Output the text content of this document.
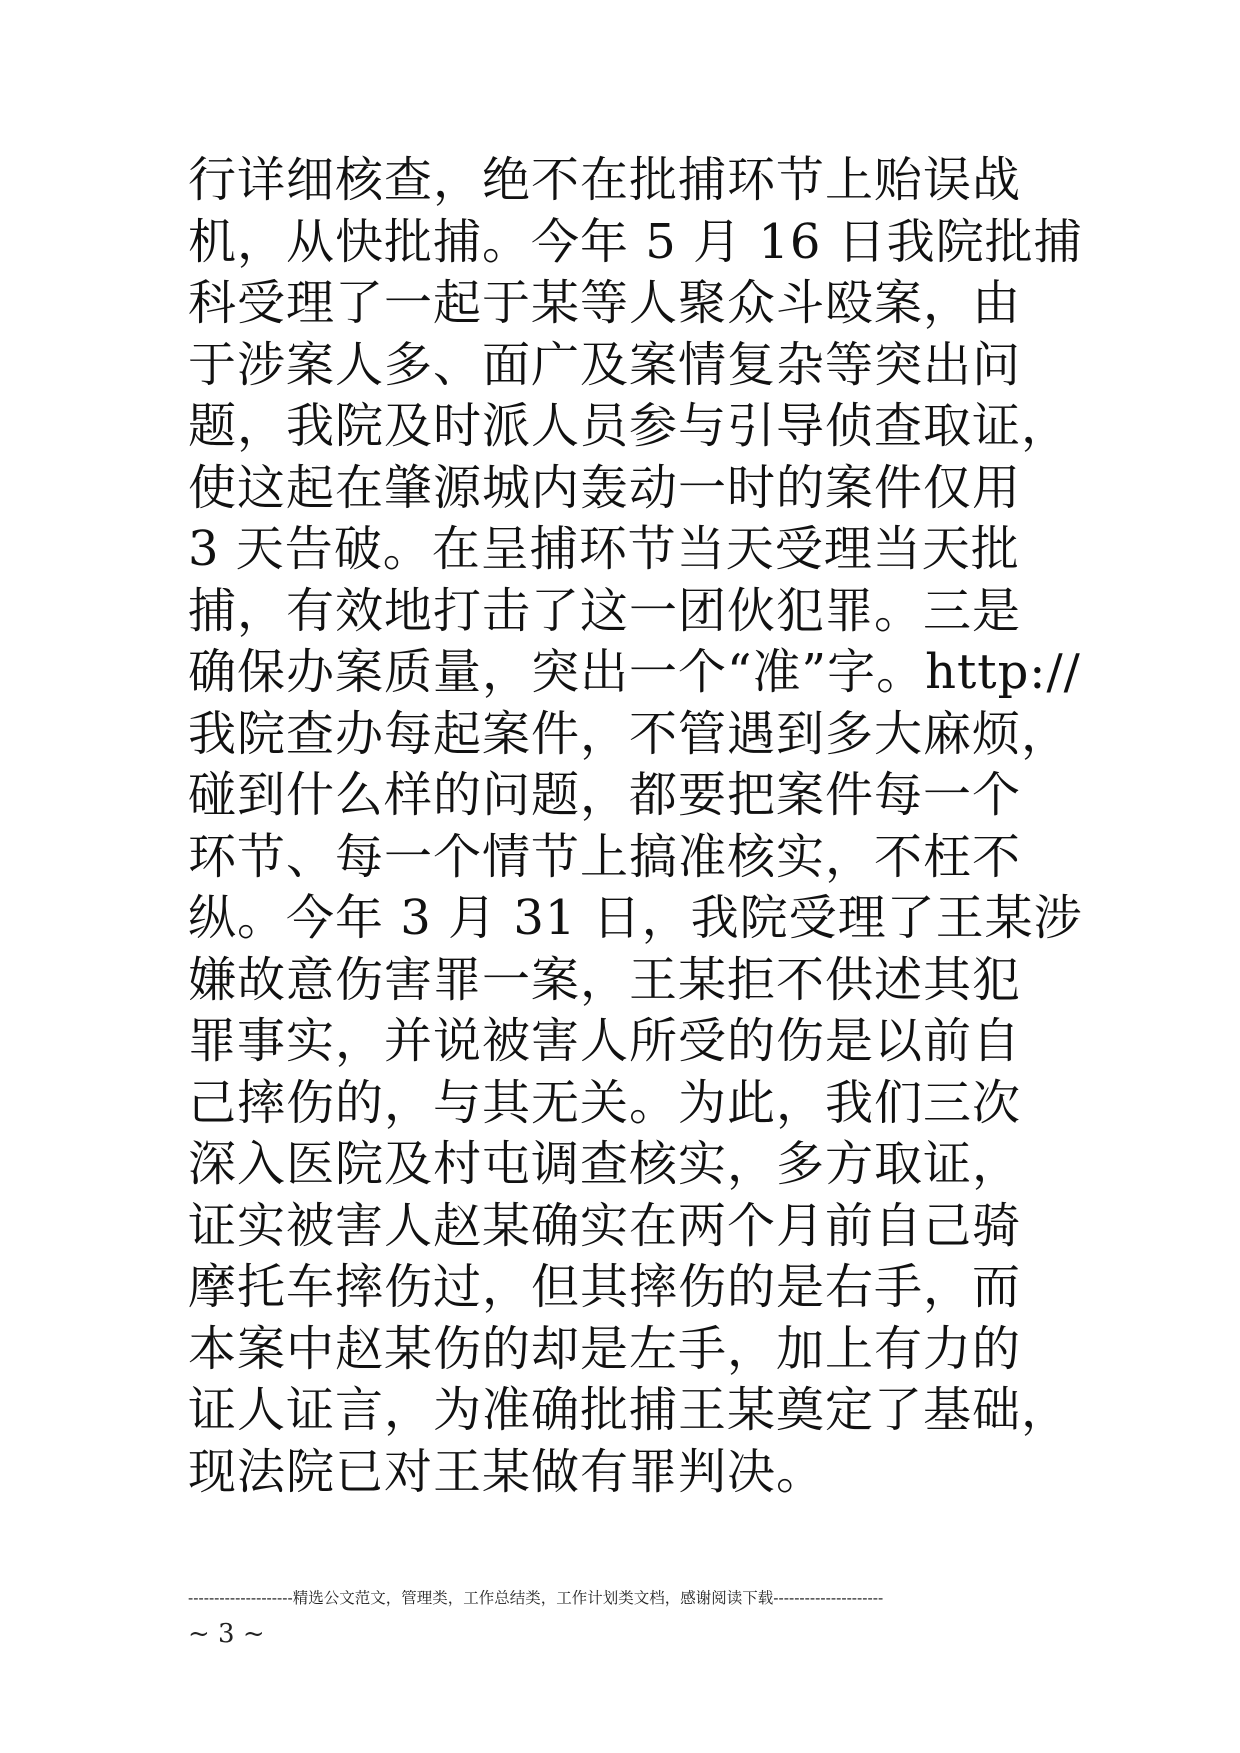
行详细核查，绝不在批捕环节上贻误战
机，从快批捕。今年 5 月 16 日我院批捕
科受理了一起于某等人聚众斗殴案，由
于涉案人多、面广及案情复杂等突出问
题，我院及时派人员参与引导侦查取证，
使这起在肇源城内轰动一时的案件仅用
3 天告破。在呈捕环节当天受理当天批
捕，有效地打击了这一团伙犯罪。三是
确保办案质量，突出一个“准”字。http://
我院查办每起案件，不管遇到多大麻烦，
碰到什么样的问题，都要把案件每一个
环节、每一个情节上搞准核实，不枉不
纵。今年 3 月 31 日，我院受理了王某涉
嫌故意伤害罪一案，王某拒不供述其犯
罪事实，并说被害人所受的伤是以前自
己摔伤的，与其无关。为此，我们三次
深入医院及村屯调查核实，多方取证，
证实被害人赵某确实在两个月前自己骑
摩托车摔伤过，但其摔伤的是右手，而
本案中赵某伤的却是左手，加上有力的
证人证言，为准确批捕王某奠定了基础，
现法院已对王某做有罪判决。
--------------------精选公文范文，管理类，工作总结类，工作计划类文档，感谢阅读下载---------------------
~ 3 ~
